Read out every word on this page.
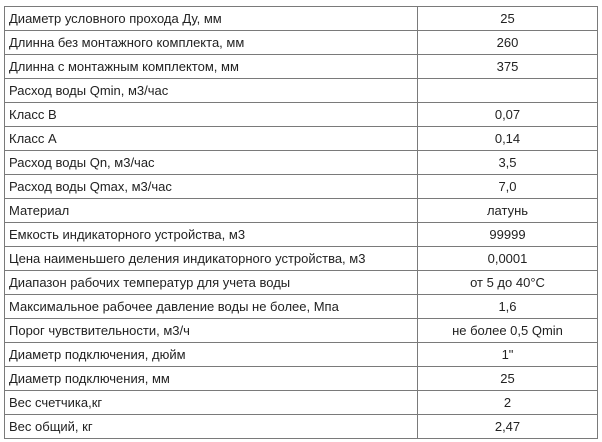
Диаметр условного прохода Ду, мм	25
Длинна без монтажного комплекта, мм	260
Длинна с монтажным комплектом, мм	375
Расход воды Qmin, м3/час	
Класс B	0,07
Класс A	0,14
Расход воды Qn, м3/час	3,5
Расход воды Qmax, м3/час	7,0
Материал	латунь
Емкость индикаторного устройства, м3	99999
Цена наименьшего деления индикаторного устройства, м3	0,0001
Диапазон рабочих температур для учета воды	от 5 до 40°С
Максимальное рабочее давление воды не более, Мпа	1,6
Порог чувствительности, м3/ч	не более 0,5 Qmin
Диаметр подключения, дюйм	1"
Диаметр подключения, мм	25
Вес счетчика,кг	2
Вес общий, кг	2,47
